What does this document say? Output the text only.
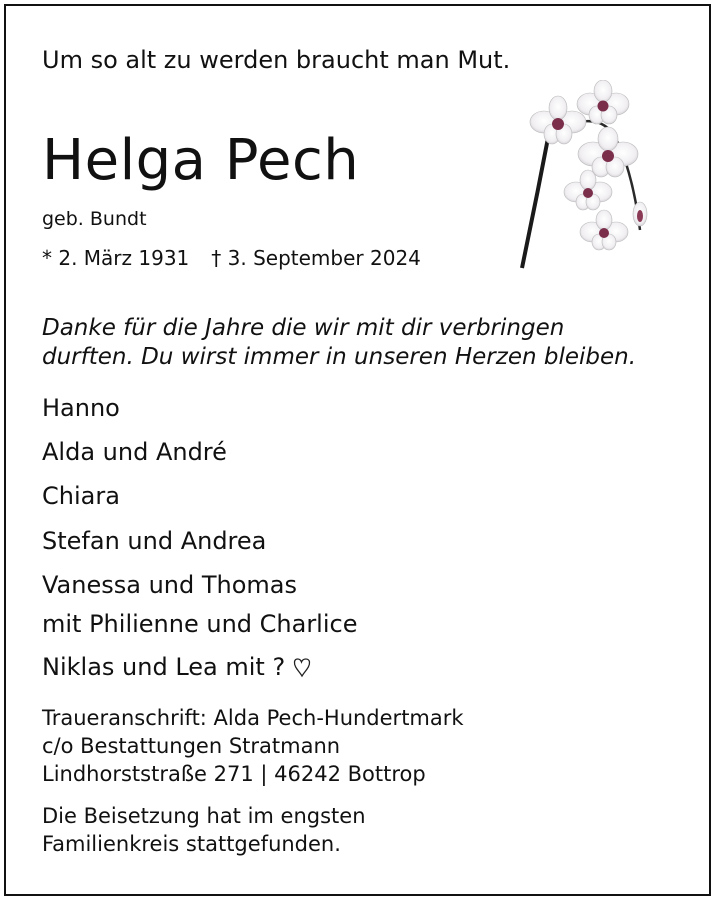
Um so alt zu werden braucht man Mut.
Helga Pech
geb. Bundt
* 2. März 1931 † 3. September 2024
Danke für die Jahre die wir mit dir verbringen
durften. Du wirst immer in unseren Herzen bleiben.
Hanno
Alda und André
Chiara
Stefan und Andrea
Vanessa und Thomas
mit Philienne und Charlice
Niklas und Lea mit ?
Traueranschrift: Alda Pech-Hundertmark
c/o Bestattungen Stratmann
Lindhorststraße 271 | 46242 Bottrop
Die Beisetzung hat im engsten
Familienkreis stattgefunden.
